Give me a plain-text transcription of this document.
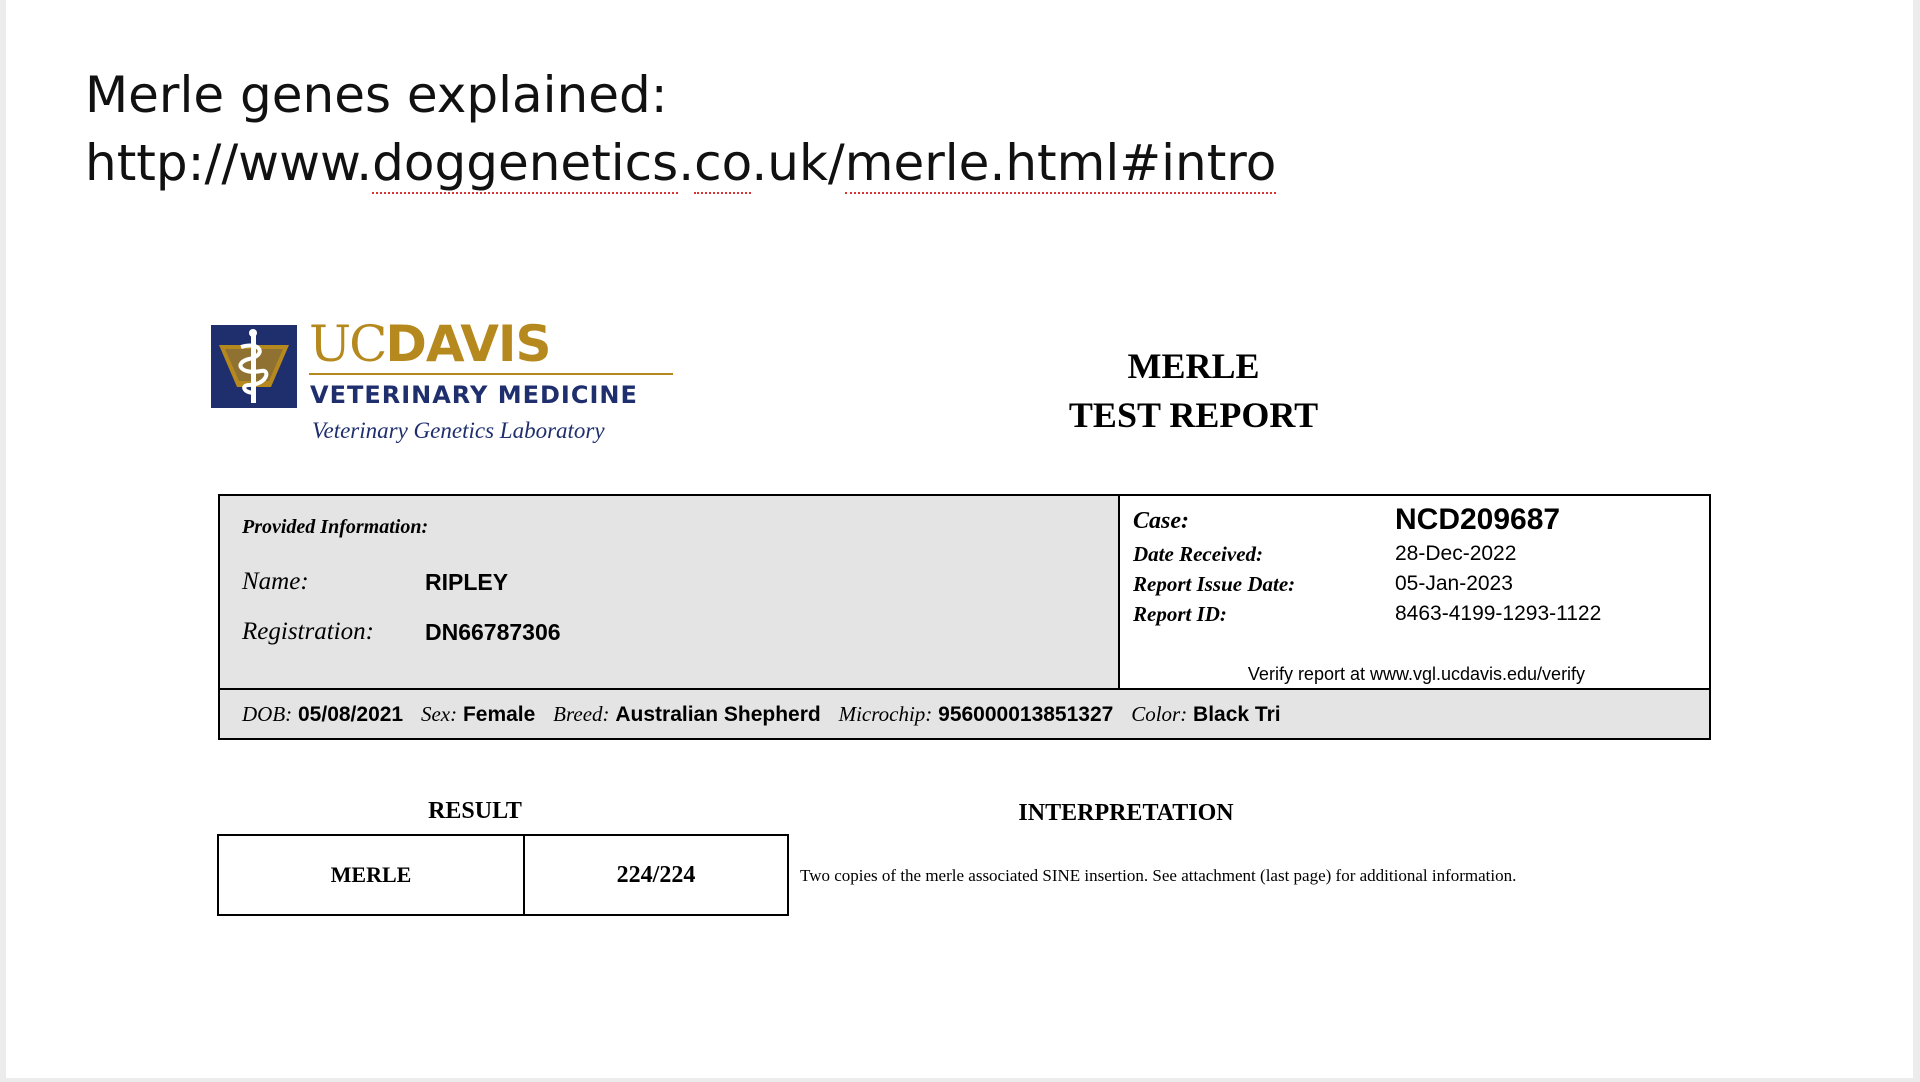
Merle genes explained:
http://www.doggenetics.co.uk/merle.html#intro
UCDAVIS
VETERINARY MEDICINE
Veterinary Genetics Laboratory
MERLE
TEST REPORT
Provided Information:
Name:	RIPLEY
Registration: DN66787306
Case:	NCD209687
Date Received:	28-Dec-2022
Report Issue Date:	05-Jan-2023
Report ID:	8463-4199-1293-1122
Verify report at www.vgl.ucdavis.edu/verify
DOB: 05/08/2021 Sex: Female Breed: Australian Shepherd Microchip: 956000013851327 Color: Black Tri
RESULT
MERLE	224/224
INTERPRETATION
Two copies of the merle associated SINE insertion. See attachment (last page) for additional information.
